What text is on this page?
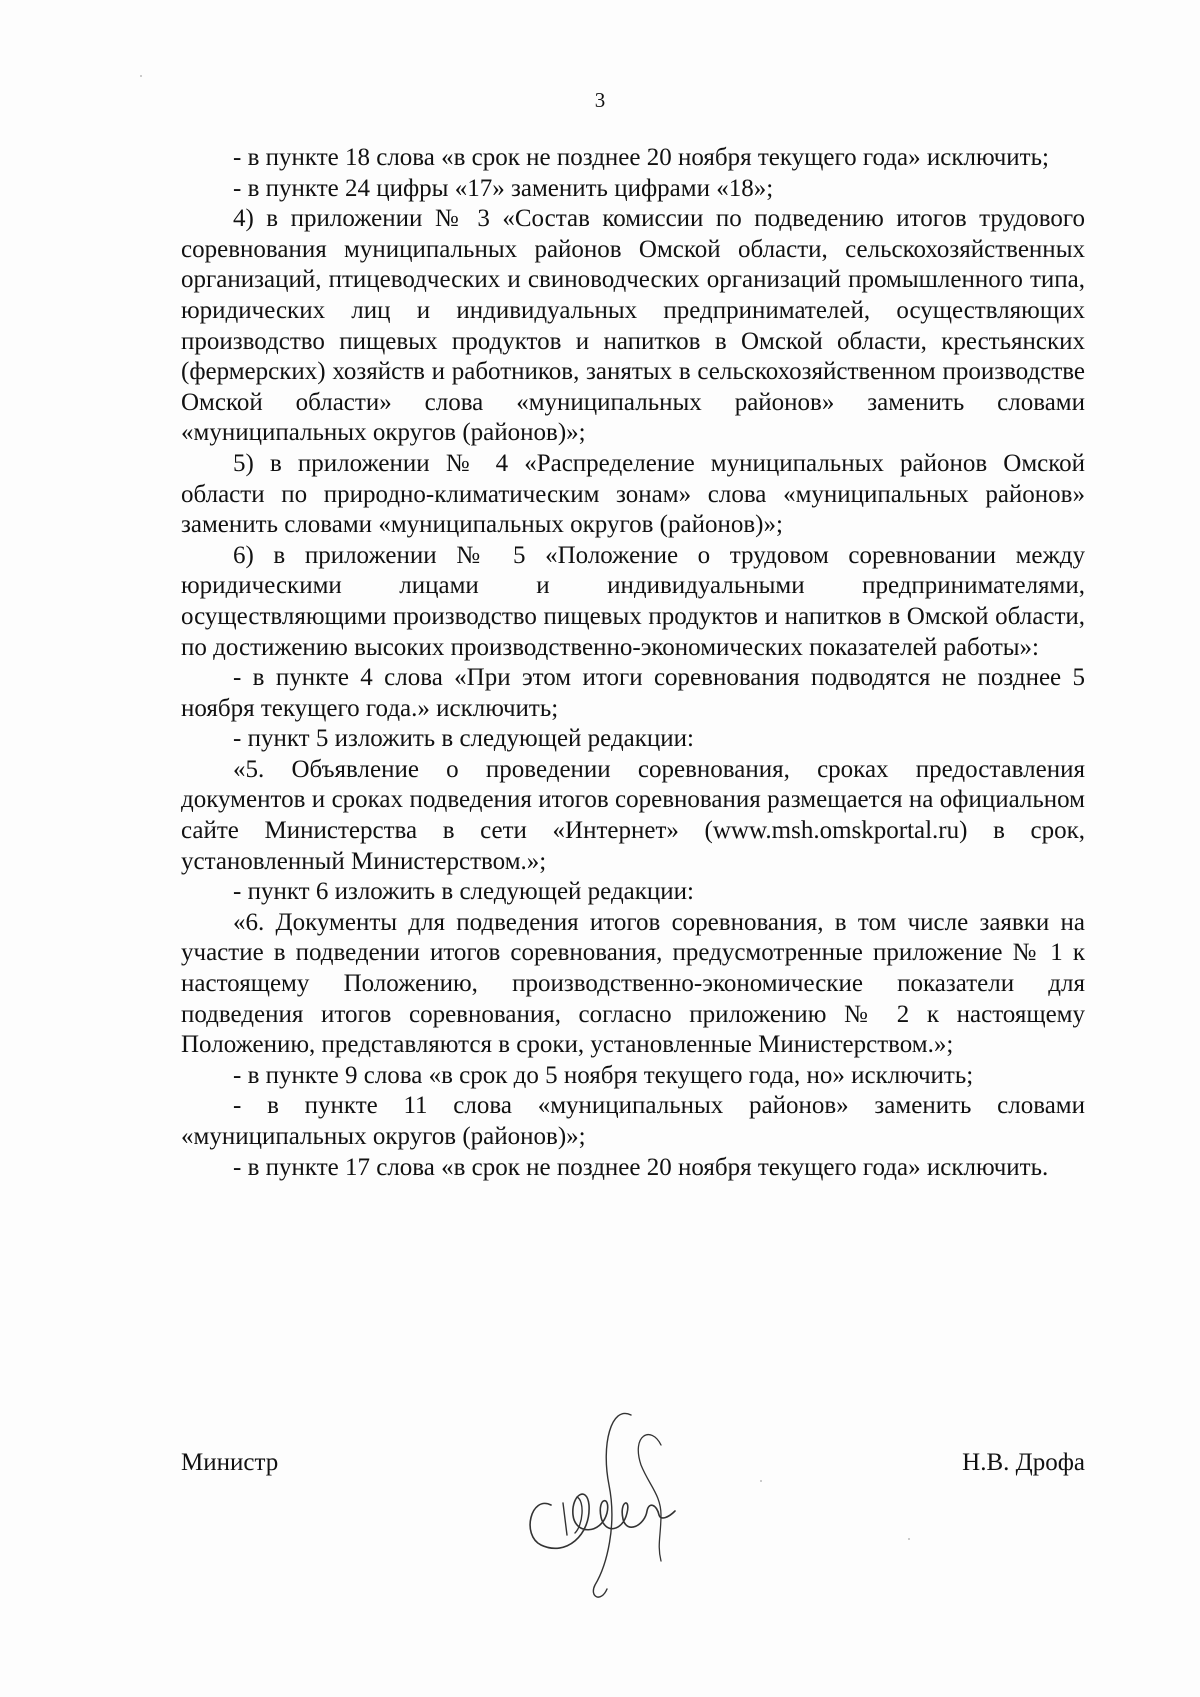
3

- в пункте 18 слова «в срок не позднее 20 ноября текущего года» исключить;

- в пункте 24 цифры «17» заменить цифрами «18»;

4) в приложении № 3 «Состав комиссии по подведению итогов трудового соревнования муниципальных районов Омской области, сельскохозяйственных организаций, птицеводческих и свиноводческих организаций промышленного типа, юридических лиц и индивидуальных предпринимателей, осуществляющих производство пищевых продуктов и напитков в Омской области, крестьянских (фермерских) хозяйств и работников, занятых в сельскохозяйственном производстве Омской области» слова «муниципальных районов» заменить словами «муниципальных округов (районов)»;

5) в приложении № 4 «Распределение муниципальных районов Омской области по природно-климатическим зонам» слова «муниципальных районов» заменить словами «муниципальных округов (районов)»;

6) в приложении № 5 «Положение о трудовом соревновании между юридическими лицами и индивидуальными предпринимателями, осуществляющими производство пищевых продуктов и напитков в Омской области, по достижению высоких производственно-экономических показателей работы»:

- в пункте 4 слова «При этом итоги соревнования подводятся не позднее 5 ноября текущего года.» исключить;

- пункт 5 изложить в следующей редакции:

«5. Объявление о проведении соревнования, сроках предоставления документов и сроках подведения итогов соревнования размещается на официальном сайте Министерства в сети «Интернет» (www.msh.omskportal.ru) в срок, установленный Министерством.»;

- пункт 6 изложить в следующей редакции:

«6. Документы для подведения итогов соревнования, в том числе заявки на участие в подведении итогов соревнования, предусмотренные приложение № 1 к настоящему Положению, производственно-экономические показатели для подведения итогов соревнования, согласно приложению № 2 к настоящему Положению, представляются в сроки, установленные Министерством.»;

- в пункте 9 слова «в срок до 5 ноября текущего года, но» исключить;

- в пункте 11 слова «муниципальных районов» заменить словами «муниципальных округов (районов)»;

- в пункте 17 слова «в срок не позднее 20 ноября текущего года» исключить.

Министр	Н.В. Дрофа
